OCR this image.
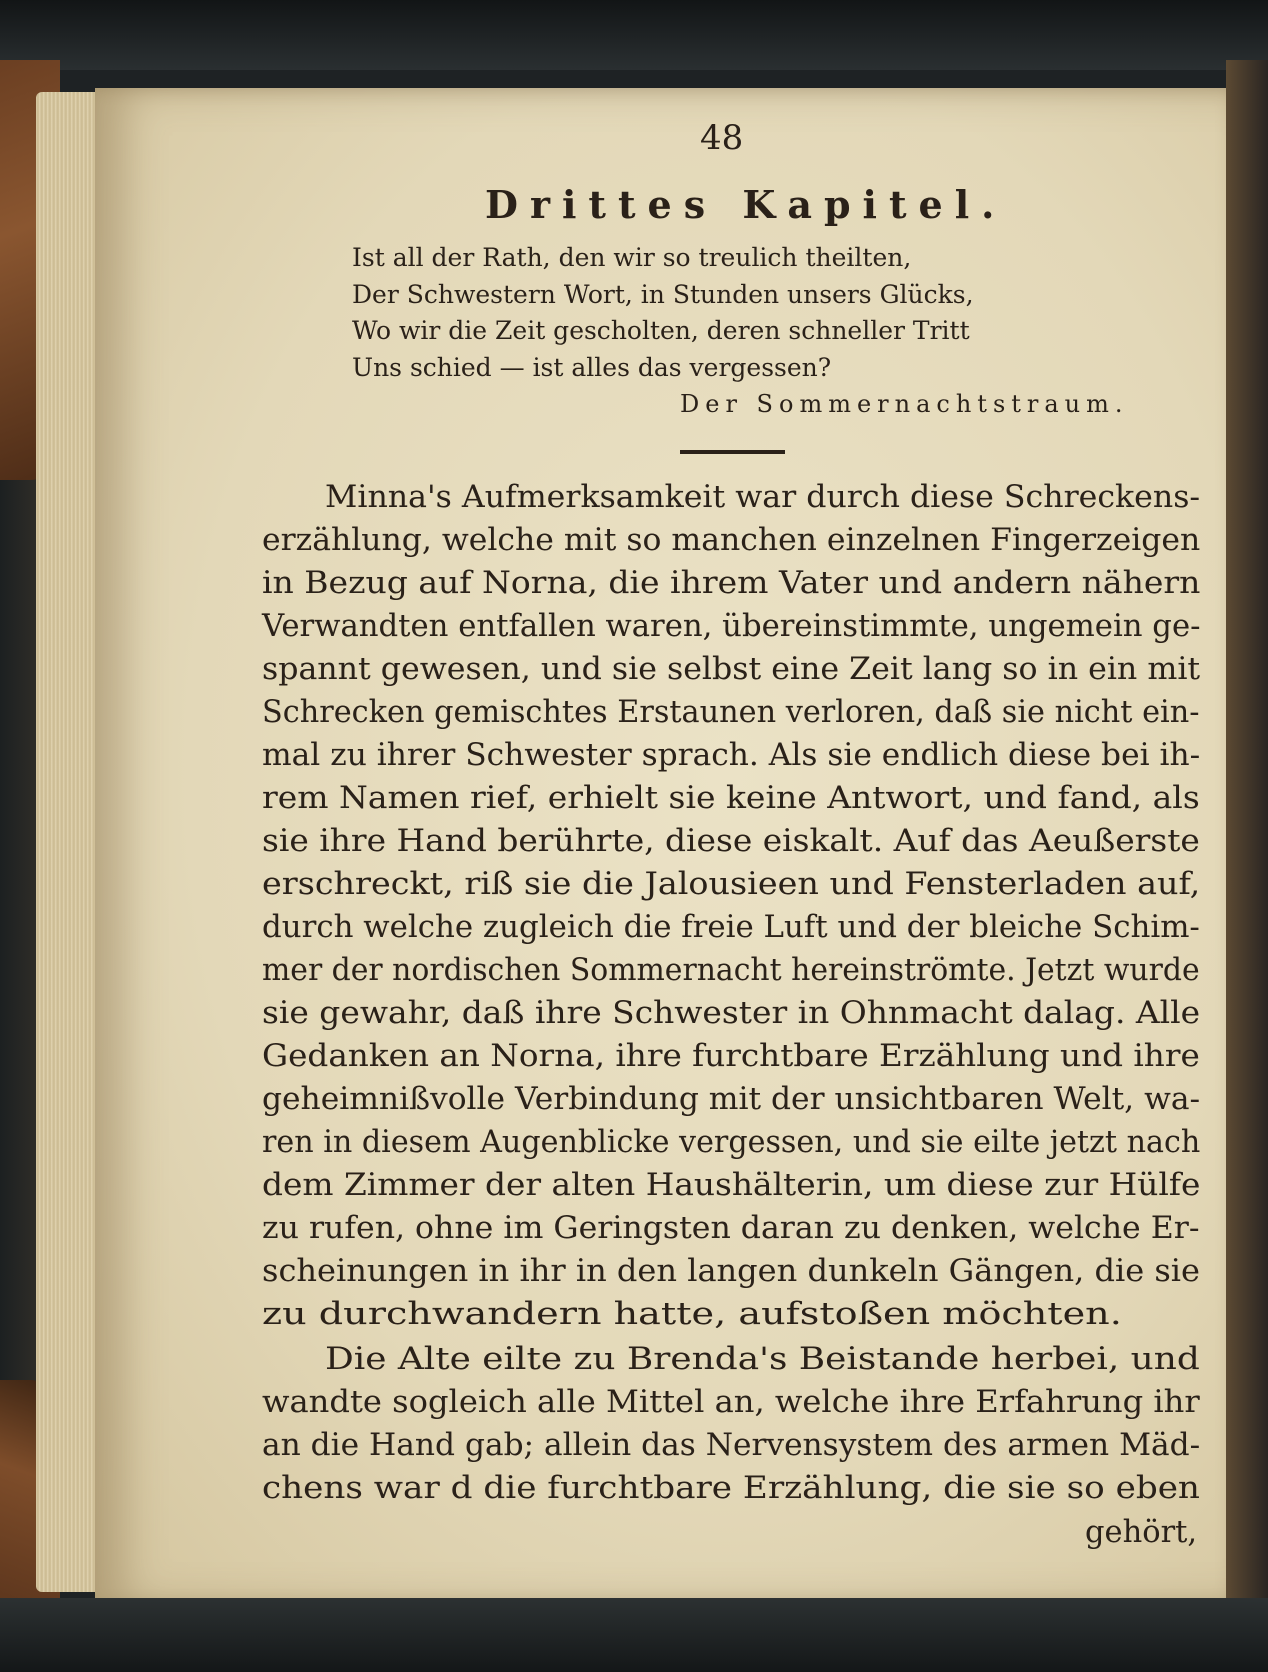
48

Drittes Kapitel.

Ist all der Rath, den wir so treulich theilten,

Der Schwestern Wort, in Stunden unsers Glücks,

Wo wir die Zeit gescholten, deren schneller Tritt

Uns schied — ist alles das vergessen?

Der Sommernachtstraum.

Minna's Aufmerksamkeit war durch diese Schreckens-

erzählung, welche mit so manchen einzelnen Fingerzeigen

in Bezug auf Norna, die ihrem Vater und andern nähern

Verwandten entfallen waren, übereinstimmte, ungemein ge-

spannt gewesen, und sie selbst eine Zeit lang so in ein mit

Schrecken gemischtes Erstaunen verloren, daß sie nicht ein-

mal zu ihrer Schwester sprach. Als sie endlich diese bei ih-

rem Namen rief, erhielt sie keine Antwort, und fand, als

sie ihre Hand berührte, diese eiskalt. Auf das Aeußerste

erschreckt, riß sie die Jalousieen und Fensterladen auf,

durch welche zugleich die freie Luft und der bleiche Schim-

mer der nordischen Sommernacht hereinströmte. Jetzt wurde

sie gewahr, daß ihre Schwester in Ohnmacht dalag. Alle

Gedanken an Norna, ihre furchtbare Erzählung und ihre

geheimnißvolle Verbindung mit der unsichtbaren Welt, wa-

ren in diesem Augenblicke vergessen, und sie eilte jetzt nach

dem Zimmer der alten Haushälterin, um diese zur Hülfe

zu rufen, ohne im Geringsten daran zu denken, welche Er-

scheinungen in ihr in den langen dunkeln Gängen, die sie

zu durchwandern hatte, aufstoßen möchten.

Die Alte eilte zu Brenda's Beistande herbei, und

wandte sogleich alle Mittel an, welche ihre Erfahrung ihr

an die Hand gab; allein das Nervensystem des armen Mäd-

chens war d die furchtbare Erzählung, die sie so eben

gehört,
